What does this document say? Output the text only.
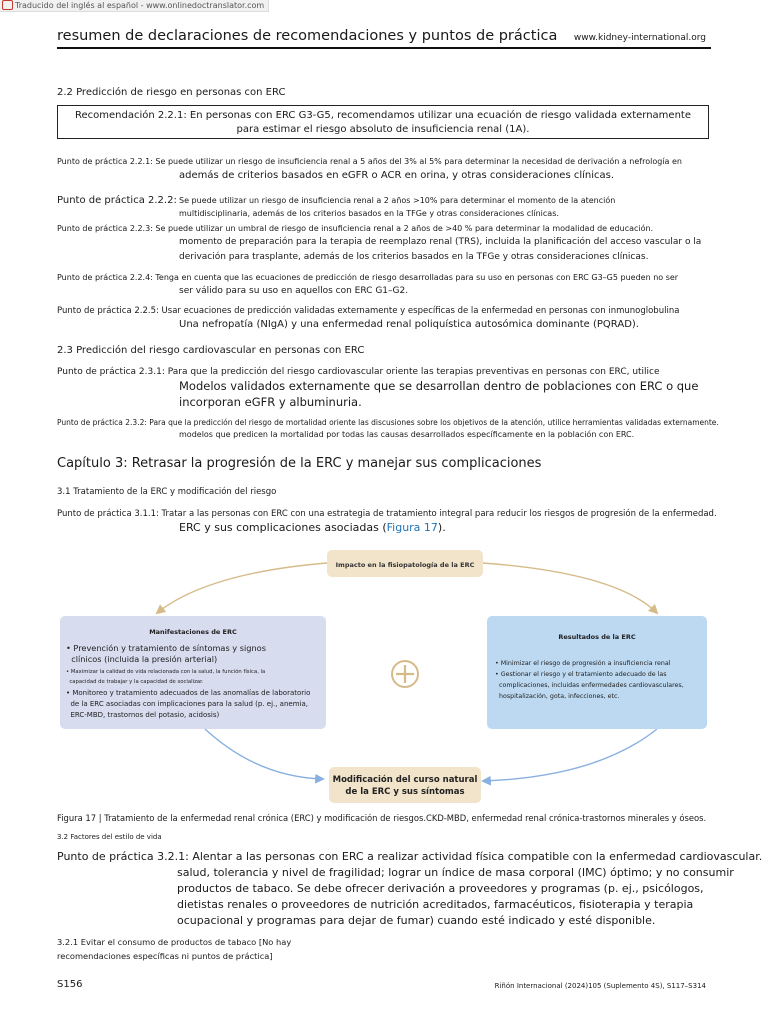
Traducido del inglés al español - www.onlinedoctranslator.com
resumen de declaraciones de recomendaciones y puntos de práctica www.kidney-international.org
2.2 Predicción de riesgo en personas con ERC
Recomendación 2.2.1: En personas con ERC G3-G5, recomendamos utilizar una ecuación de riesgo validada externamente
para estimar el riesgo absoluto de insuficiencia renal (1A).
Punto de práctica 2.2.1: Se puede utilizar un riesgo de insuficiencia renal a 5 años del 3% al 5% para determinar la necesidad de derivación a nefrología en
además de criterios basados en eGFR o ACR en orina, y otras consideraciones clínicas.
Punto de práctica 2.2.2: Se puede utilizar un riesgo de insuficiencia renal a 2 años >10% para determinar el momento de la atención
multidisciplinaria, además de los criterios basados en la TFGe y otras consideraciones clínicas.
Punto de práctica 2.2.3: Se puede utilizar un umbral de riesgo de insuficiencia renal a 2 años de >40 % para determinar la modalidad de educación.
momento de preparación para la terapia de reemplazo renal (TRS), incluida la planificación del acceso vascular o la
derivación para trasplante, además de los criterios basados en la TFGe y otras consideraciones clínicas.
Punto de práctica 2.2.4: Tenga en cuenta que las ecuaciones de predicción de riesgo desarrolladas para su uso en personas con ERC G3–G5 pueden no ser
ser válido para su uso en aquellos con ERC G1–G2.
Punto de práctica 2.2.5: Usar ecuaciones de predicción validadas externamente y específicas de la enfermedad en personas con inmunoglobulina
Una nefropatía (NIgA) y una enfermedad renal poliquística autosómica dominante (PQRAD).
2.3 Predicción del riesgo cardiovascular en personas con ERC
Punto de práctica 2.3.1: Para que la predicción del riesgo cardiovascular oriente las terapias preventivas en personas con ERC, utilice
Modelos validados externamente que se desarrollan dentro de poblaciones con ERC o que
incorporan eGFR y albuminuria.
Punto de práctica 2.3.2: Para que la predicción del riesgo de mortalidad oriente las discusiones sobre los objetivos de la atención, utilice herramientas validadas externamente.
modelos que predicen la mortalidad por todas las causas desarrollados específicamente en la población con ERC.
Capítulo 3: Retrasar la progresión de la ERC y manejar sus complicaciones
3.1 Tratamiento de la ERC y modificación del riesgo
Punto de práctica 3.1.1: Tratar a las personas con ERC con una estrategia de tratamiento integral para reducir los riesgos de progresión de la enfermedad.
ERC y sus complicaciones asociadas (Figura 17).
Impacto en la fisiopatología de la ERC
Manifestaciones de ERC
• Prevención y tratamiento de síntomas y signos
clínicos (incluida la presión arterial)
• Maximizar la calidad de vida relacionada con la salud, la función física, la
capacidad de trabajar y la capacidad de socializar.
• Monitoreo y tratamiento adecuados de las anomalías de laboratorio
de la ERC asociadas con implicaciones para la salud (p. ej., anemia,
ERC-MBD, trastornos del potasio, acidosis)
Resultados de la ERC
• Minimizar el riesgo de progresión a insuficiencia renal
• Gestionar el riesgo y el tratamiento adecuado de las
complicaciones, incluidas enfermedades cardiovasculares,
hospitalización, gota, infecciones, etc.
Modificación del curso natural
de la ERC y sus síntomas
Figura 17 | Tratamiento de la enfermedad renal crónica (ERC) y modificación de riesgos.CKD-MBD, enfermedad renal crónica-trastornos minerales y óseos.
3.2 Factores del estilo de vida
Punto de práctica 3.2.1: Alentar a las personas con ERC a realizar actividad física compatible con la enfermedad cardiovascular.
salud, tolerancia y nivel de fragilidad; lograr un índice de masa corporal (IMC) óptimo; y no consumir
productos de tabaco. Se debe ofrecer derivación a proveedores y programas (p. ej., psicólogos,
dietistas renales o proveedores de nutrición acreditados, farmacéuticos, fisioterapia y terapia
ocupacional y programas para dejar de fumar) cuando esté indicado y esté disponible.
3.2.1 Evitar el consumo de productos de tabaco [No hay
recomendaciones específicas ni puntos de práctica]
S156	Riñón Internacional (2024)105 (Suplemento 4S), S117–S314
